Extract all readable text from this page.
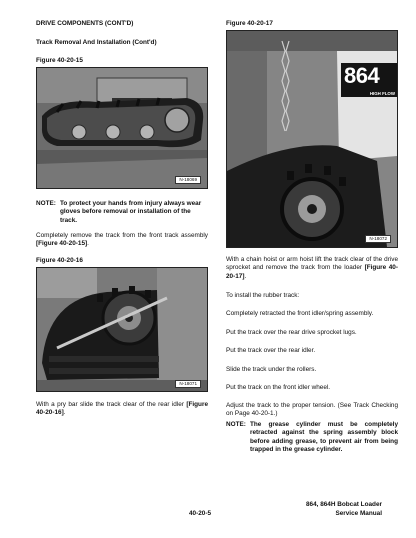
DRIVE COMPONENTS (CONT'D)
Track Removal And Installation (Cont'd)
Figure 40-20-15
N-18069
NOTE: To protect your hands from injury always wear gloves before removal or installation of the track.
Completely remove the track from the front track assembly [Figure 40-20-15].
Figure 40-20-16
N-18071
With a pry bar slide the track clear of the rear idler [Figure 40-20-16].
Figure 40-20-17
864
HIGH FLOW
N-18072
With a chain hoist or arm hoist lift the track clear of the drive sprocket and remove the track from the loader [Figure 40-20-17].
To install the rubber track:
Completely retracted the front idler/spring assembly.
Put the track over the rear drive sprocket lugs.
Put the track over the rear idler.
Slide the track under the rollers.
Put the track on the front idler wheel.
Adjust the track to the proper tension. (See Track Checking on Page 40-20-1.)
NOTE: The grease cylinder must be completely retracted against the spring assembly block before adding grease, to prevent air from being trapped in the grease cylinder.
40-20-5
864, 864H Bobcat Loader
Service Manual
